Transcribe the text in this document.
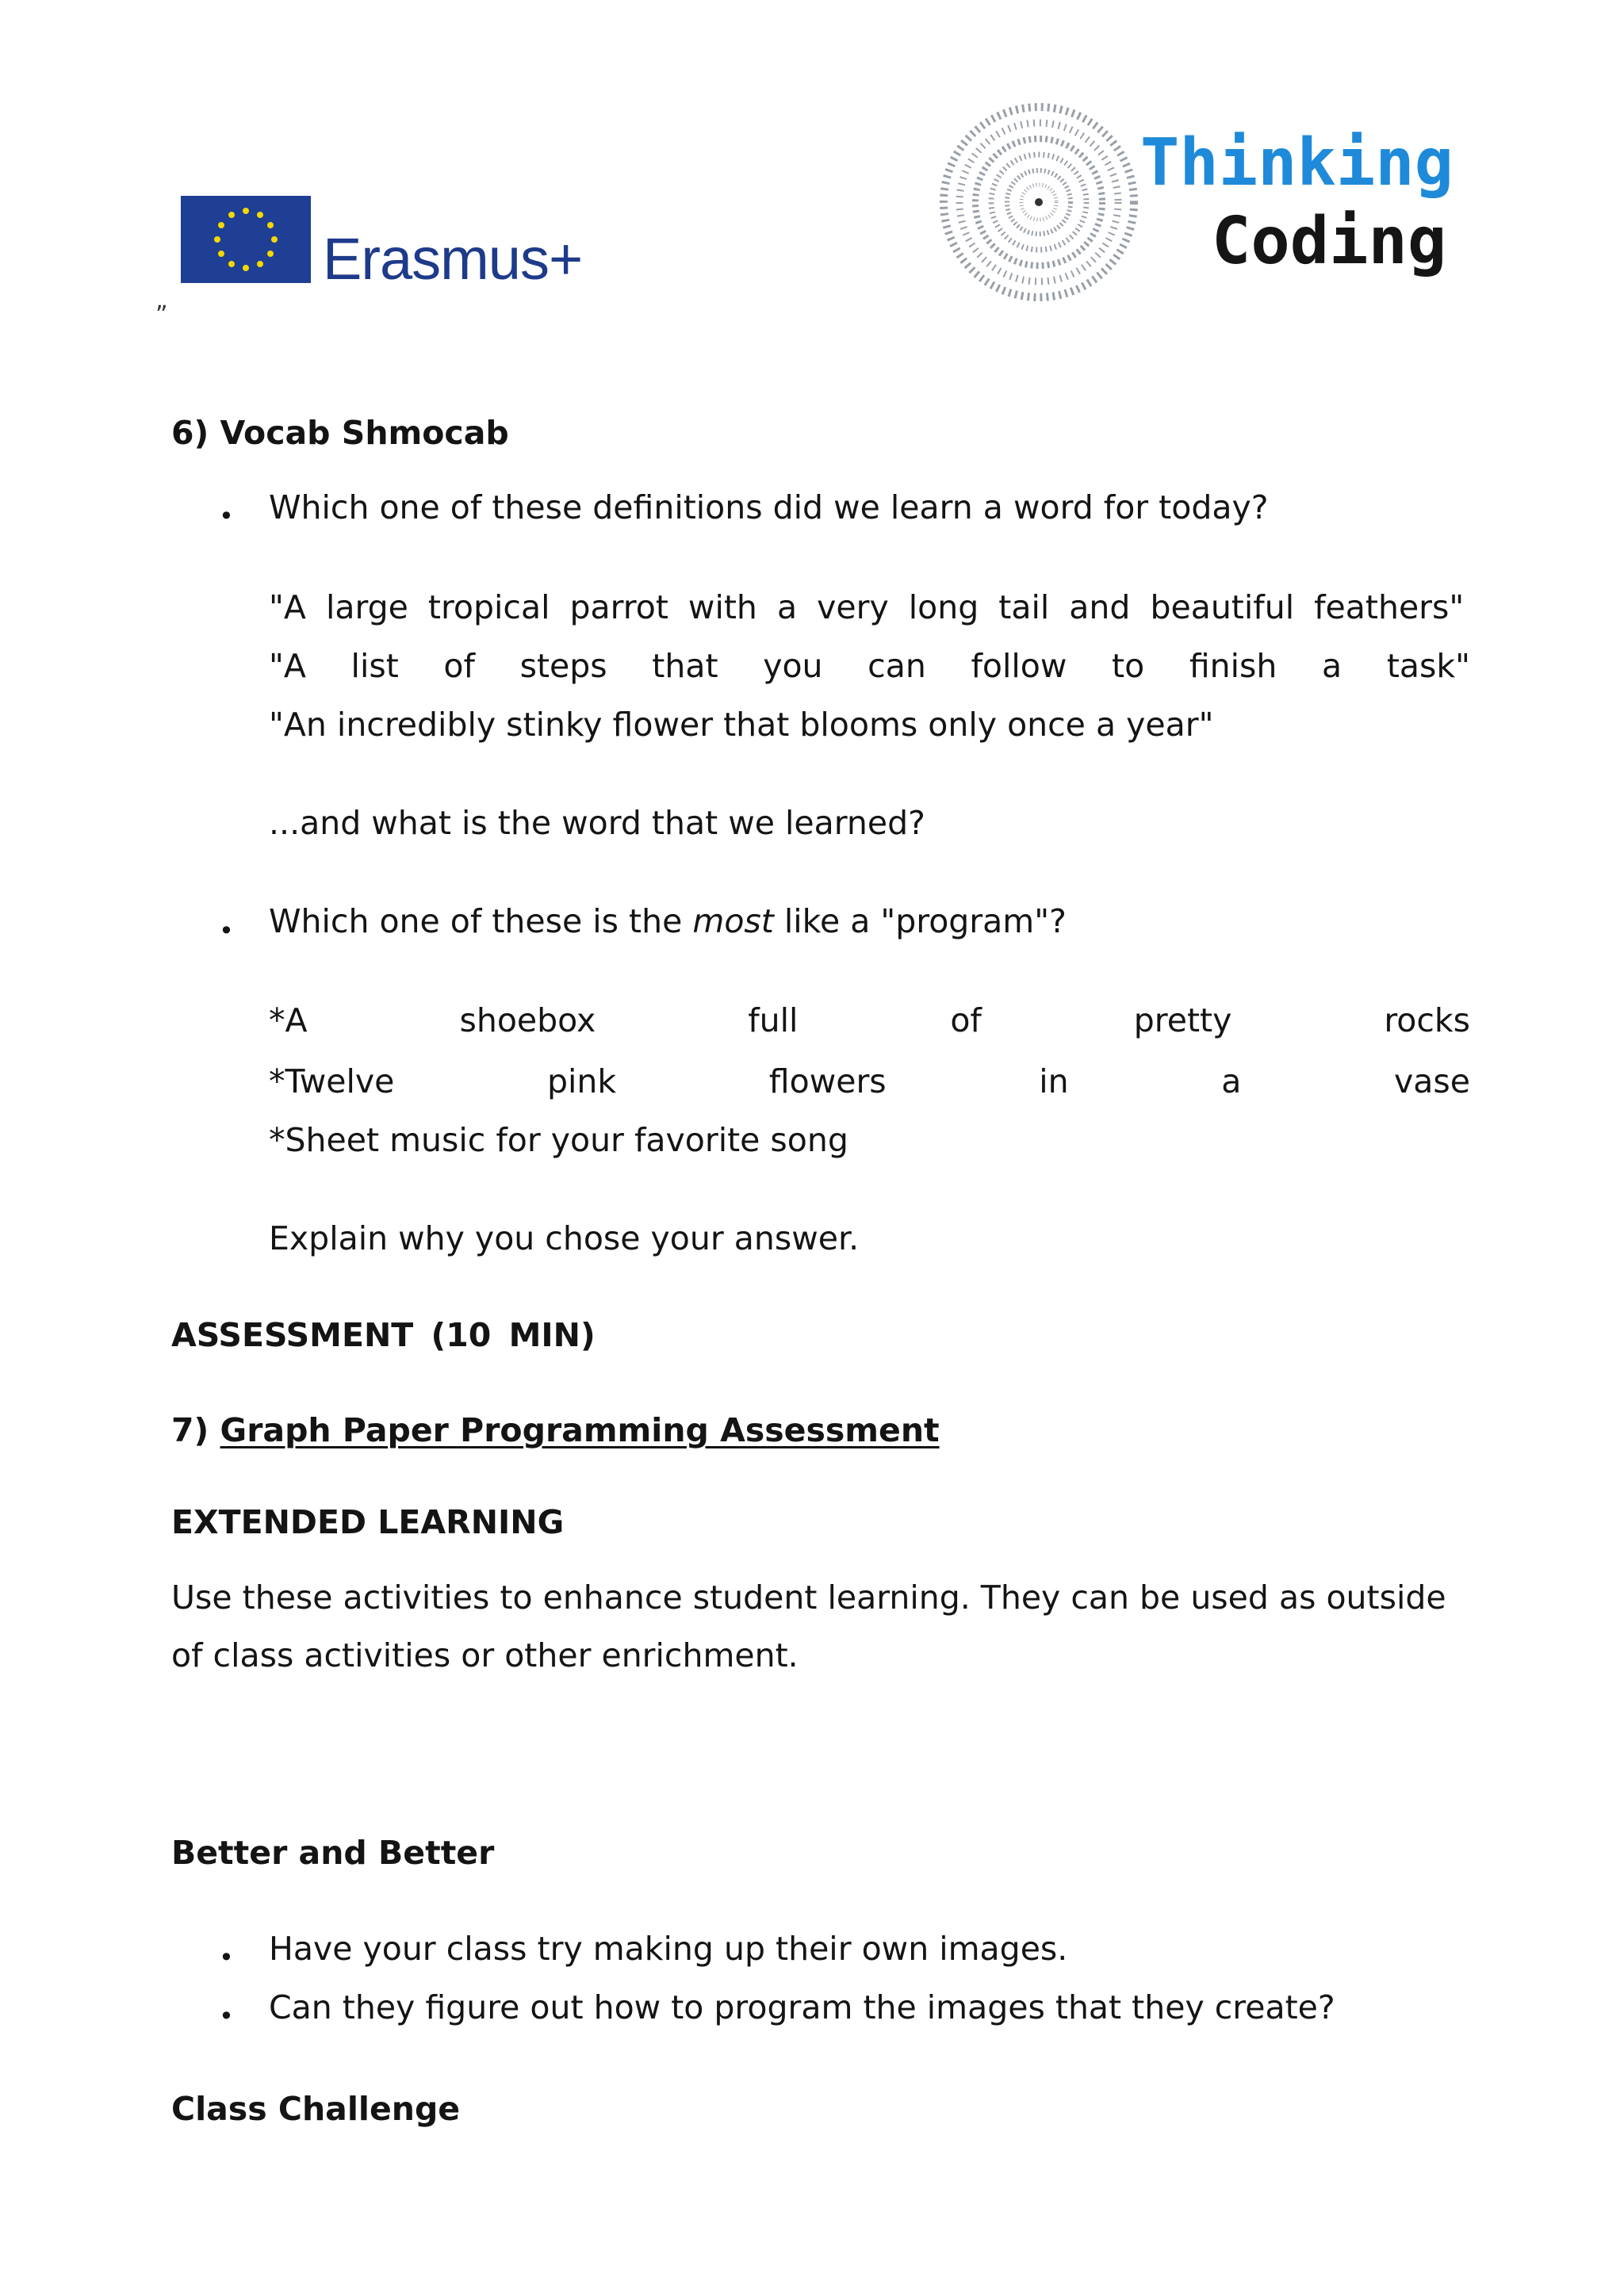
Erasmus+
Thinking
Coding
”
6) Vocab Shmocab
• Which one of these definitions did we learn a word for today?
"A large tropical parrot with a very long tail and beautiful feathers"
"A list of steps that you can follow to finish a task"
"An incredibly stinky flower that blooms only once a year"
...and what is the word that we learned?
• Which one of these is the most like a "program"?
*A	shoebox	full	of	pretty	rocks
*Twelve	pink	flowers	in	a	vase
*Sheet music for your favorite song
Explain why you chose your answer.
ASSESSMENT (10 MIN)
7) Graph Paper Programming Assessment
EXTENDED LEARNING
Use these activities to enhance student learning. They can be used as outside
of class activities or other enrichment.
Better and Better
• Have your class try making up their own images.
• Can they figure out how to program the images that they create?
Class Challenge
